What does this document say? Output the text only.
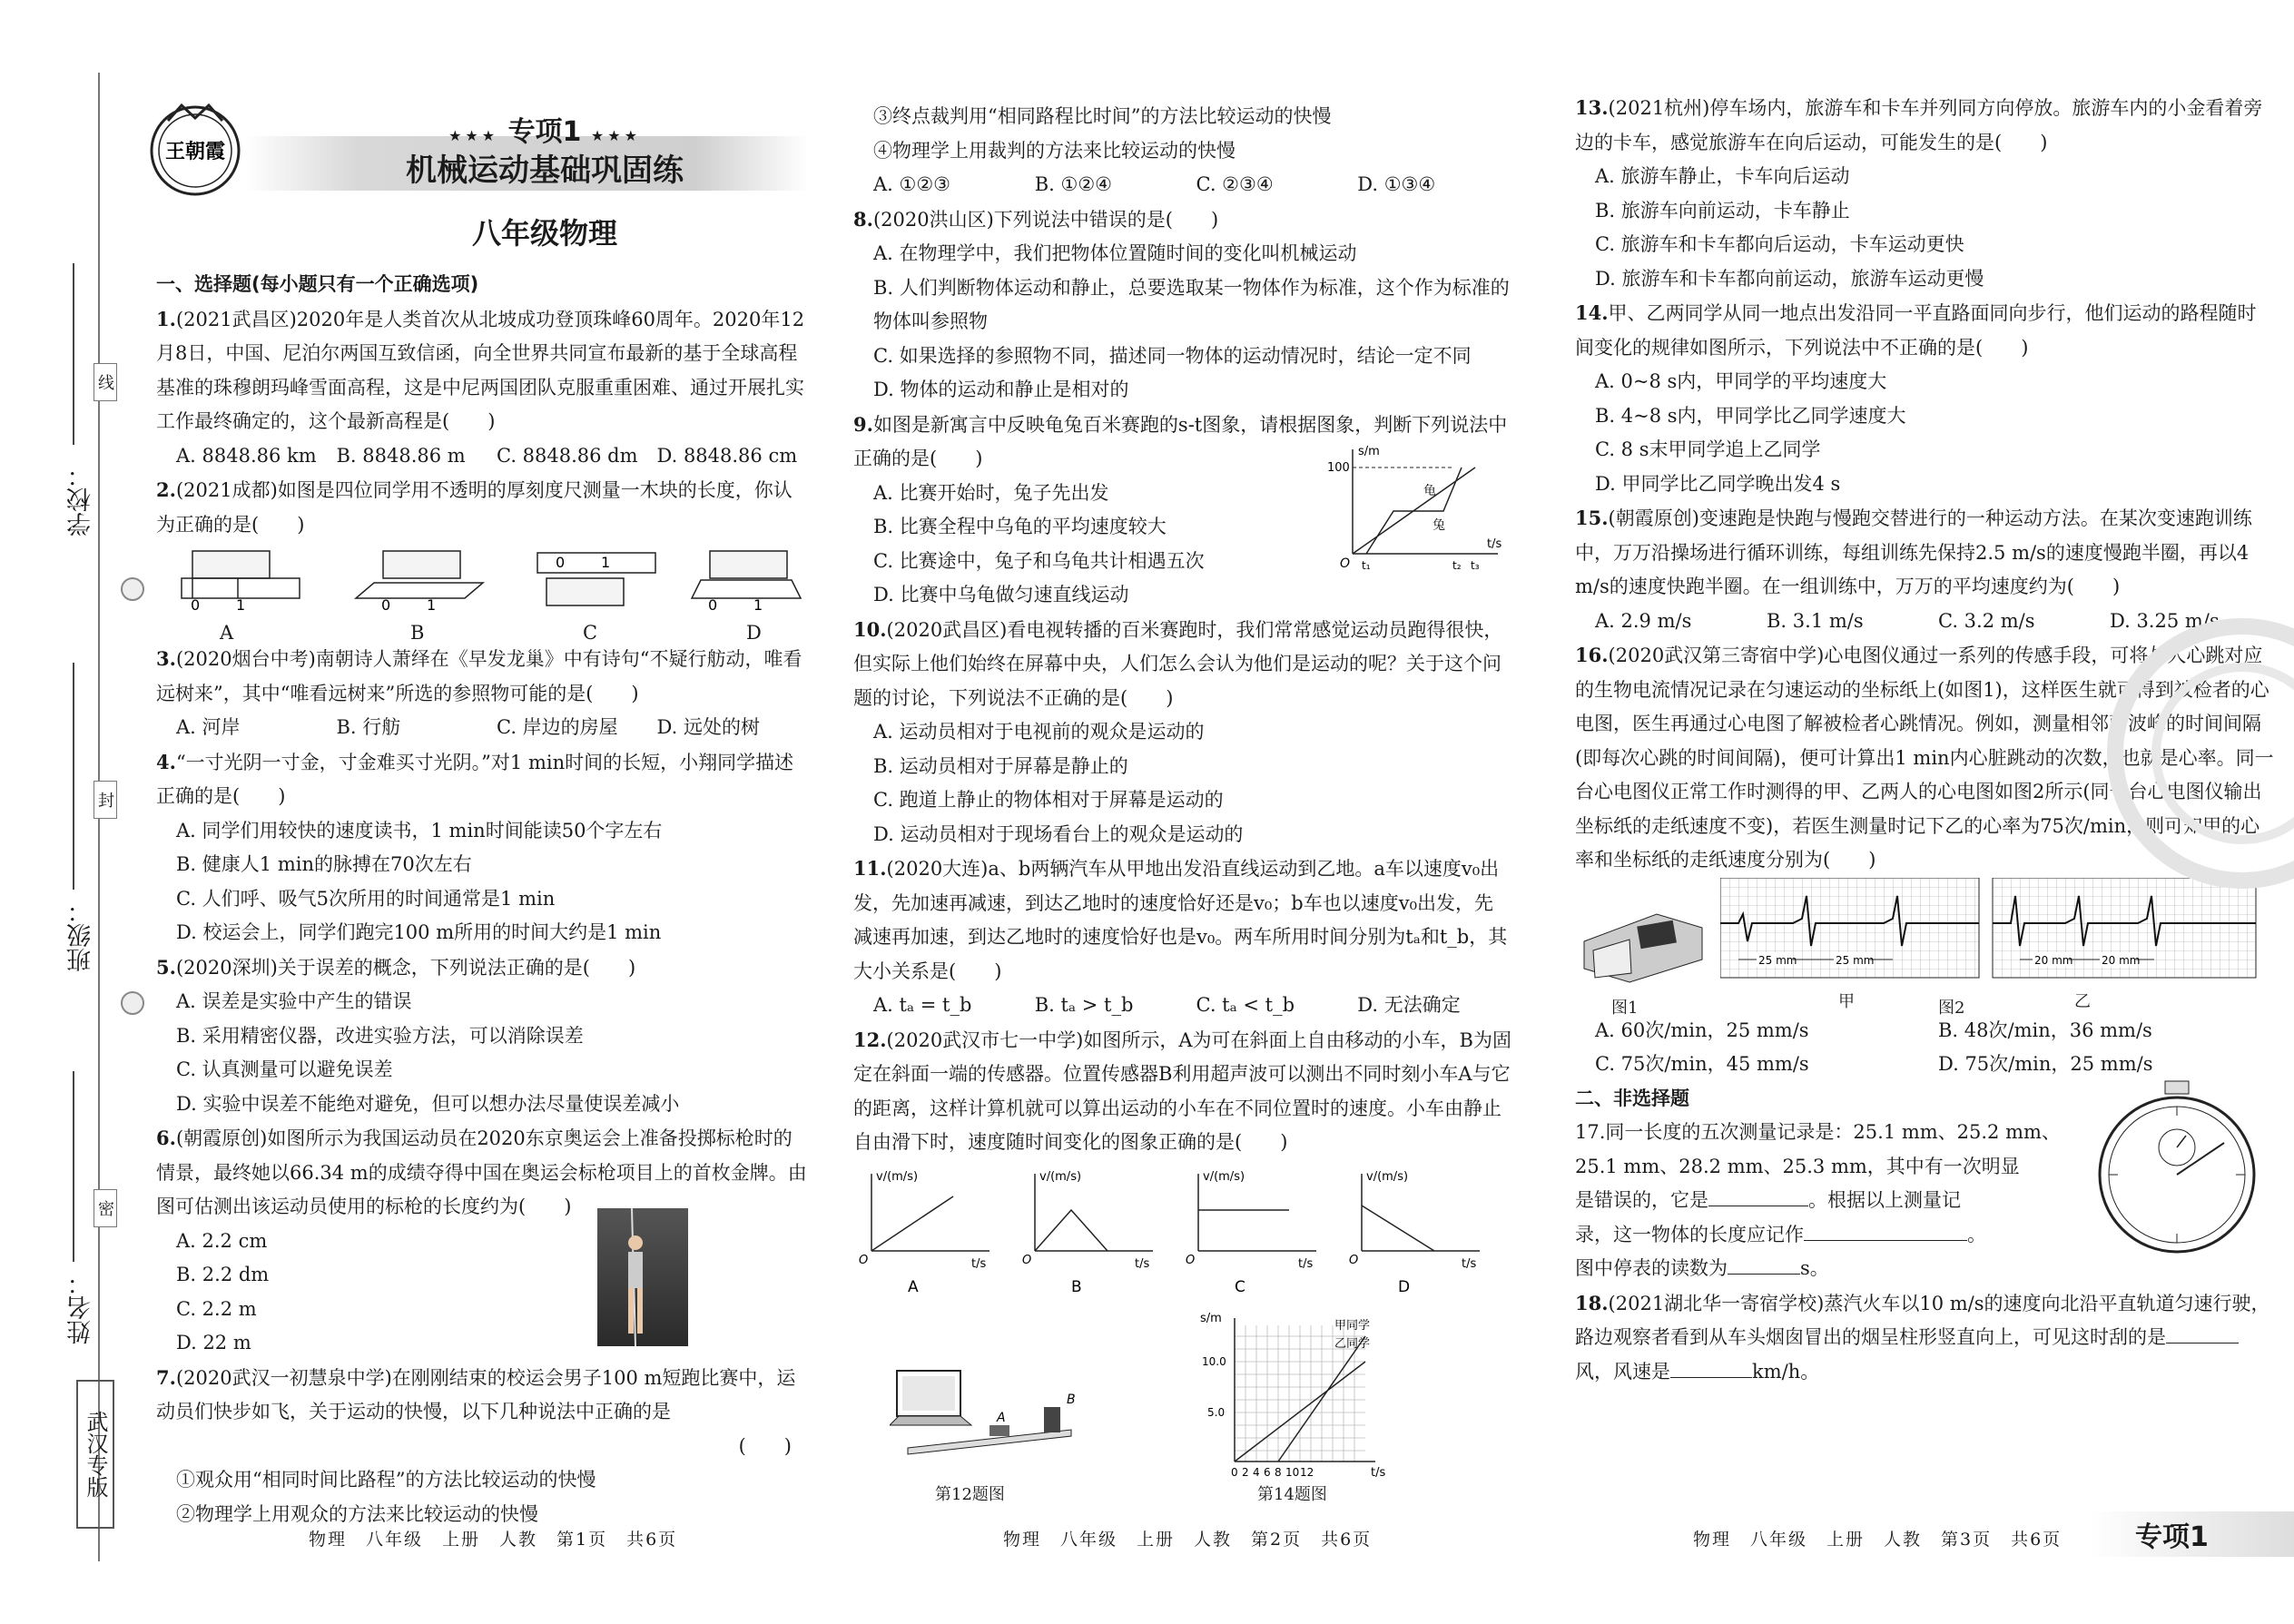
线
封
密
学校：
班级：
姓名：
武汉专版
王朝霞
★★★ 专项1 ★★★
机械运动基础巩固练
八年级物理
一、选择题(每小题只有一个正确选项)

1.(2021武昌区)2020年是人类首次从北坡成功登顶珠峰60周年。2020年12月8日，中国、尼泊尔两国互致信函，向全世界共同宣布最新的基于全球高程基准的珠穆朗玛峰雪面高程，这是中尼两国团队克服重重困难、通过开展扎实工作最终确定的，这个最新高程是(　　)

A. 8848.86 km	B. 8848.86 m	C. 8848.86 dm D. 8848.86 cm

2.(2021成都)如图是四位同学用不透明的厚刻度尺测量一木块的长度，你认为正确的是(　　)

0 1	0 1
0 1
0 1
A	B	C	D

3.(2020烟台中考)南朝诗人萧绎在《早发龙巢》中有诗句“不疑行舫动，唯看远树来”，其中“唯看远树来”所选的参照物可能的是(　　)

A. 河岸	B. 行舫	C. 岸边的房屋	D. 远处的树

4.“一寸光阴一寸金，寸金难买寸光阴。”对1 min时间的长短，小翔同学描述正确的是(　　)

A. 同学们用较快的速度读书，1 min时间能读50个字左右
B. 健康人1 min的脉搏在70次左右
C. 人们呼、吸气5次所用的时间通常是1 min
D. 校运会上，同学们跑完100 m所用的时间大约是1 min

5.(2020深圳)关于误差的概念，下列说法正确的是(　　)

A. 误差是实验中产生的错误
B. 采用精密仪器，改进实验方法，可以消除误差
C. 认真测量可以避免误差
D. 实验中误差不能绝对避免，但可以想办法尽量使误差减小

6.(朝霞原创)如图所示为我国运动员在2020东京奥运会上准备投掷标枪时的情景，最终她以66.34 m的成绩夺得中国在奥运会标枪项目上的首枚金牌。由图可估测出该运动员使用的标枪的长度约为(　　)

A. 2.2 cm
B. 2.2 dm
C. 2.2 m
D. 22 m

7.(2020武汉一初慧泉中学)在刚刚结束的校运会男子100 m短跑比赛中，运动员们快步如飞，关于运动的快慢，以下几种说法中正确的是

(　　)
①观众用“相同时间比路程”的方法比较运动的快慢
②物理学上用观众的方法来比较运动的快慢
③终点裁判用“相同路程比时间”的方法比较运动的快慢
④物理学上用裁判的方法来比较运动的快慢
A. ①②③	B. ①②④	C. ②③④	D. ①③④

8.(2020洪山区)下列说法中错误的是(　　)

A. 在物理学中，我们把物体位置随时间的变化叫机械运动
B. 人们判断物体运动和静止，总要选取某一物体作为标准，这个作为标准的物体叫参照物
C. 如果选择的参照物不同，描述同一物体的运动情况时，结论一定不同
D. 物体的运动和静止是相对的

9.如图是新寓言中反映龟兔百米赛跑的s-t图象，请根据图象，判断下列说法中正确的是(　　)

A. 比赛开始时，兔子先出发
B. 比赛全程中乌龟的平均速度较大
C. 比赛途中，兔子和乌龟共计相遇五次
D. 比赛中乌龟做匀速直线运动
s/m
100
t/s
O t₁	t₂ t₃
龟
兔

10.(2020武昌区)看电视转播的百米赛跑时，我们常常感觉运动员跑得很快，但实际上他们始终在屏幕中央，人们怎么会认为他们是运动的呢？关于这个问题的讨论，下列说法不正确的是(　　)

A. 运动员相对于电视前的观众是运动的
B. 运动员相对于屏幕是静止的
C. 跑道上静止的物体相对于屏幕是运动的
D. 运动员相对于现场看台上的观众是运动的

11.(2020大连)a、b两辆汽车从甲地出发沿直线运动到乙地。a车以速度v₀出发，先加速再减速，到达乙地时的速度恰好还是v₀；b车也以速度v₀出发，先减速再加速，到达乙地时的速度恰好也是v₀。两车所用时间分别为tₐ和t_b，其大小关系是(　　)

A. tₐ = t_b	B. tₐ > t_b	C. tₐ < t_b	D. 无法确定

12.(2020武汉市七一中学)如图所示，A为可在斜面上自由移动的小车，B为固定在斜面一端的传感器。位置传感器B利用超声波可以测出不同时刻小车A与它的距离，这样计算机就可以算出运动的小车在不同位置时的速度。小车由静止自由滑下时，速度随时间变化的图象正确的是(　　)

v/(m/s)	v/(m/s)	v/(m/s)	v/(m/s)
t/s	t/s	t/s	t/s
O	O	O	O
A	B	C	D
A
B
s/m
t/s
甲同学
乙同学
10.0
5.0
0 2 4 6 8 10 12
第12题图	第14题图

13.(2021杭州)停车场内，旅游车和卡车并列同方向停放。旅游车内的小金看着旁边的卡车，感觉旅游车在向后运动，可能发生的是(　　)

A. 旅游车静止，卡车向后运动
B. 旅游车向前运动，卡车静止
C. 旅游车和卡车都向后运动，卡车运动更快
D. 旅游车和卡车都向前运动，旅游车运动更慢

14.甲、乙两同学从同一地点出发沿同一平直路面同向步行，他们运动的路程随时间变化的规律如图所示，下列说法中不正确的是(　　)

A. 0~8 s内，甲同学的平均速度大
B. 4~8 s内，甲同学比乙同学速度大
C. 8 s末甲同学追上乙同学
D. 甲同学比乙同学晚出发4 s

15.(朝霞原创)变速跑是快跑与慢跑交替进行的一种运动方法。在某次变速跑训练中，万万沿操场进行循环训练，每组训练先保持2.5 m/s的速度慢跑半圈，再以4 m/s的速度快跑半圈。在一组训练中，万万的平均速度约为(　　)

A. 2.9 m/s	B. 3.1 m/s	C. 3.2 m/s	D. 3.25 m/s

16.(2020武汉第三寄宿中学)心电图仪通过一系列的传感手段，可将与人心跳对应的生物电流情况记录在匀速运动的坐标纸上(如图1)，这样医生就可得到被检者的心电图，医生再通过心电图了解被检者心跳情况。例如，测量相邻两波峰的时间间隔(即每次心跳的时间间隔)，便可计算出1 min内心脏跳动的次数，也就是心率。同一台心电图仪正常工作时测得的甲、乙两人的心电图如图2所示(同一台心电图仪输出坐标纸的走纸速度不变)，若医生测量时记下乙的心率为75次/min，则可知甲的心率和坐标纸的走纸速度分别为(　　)

25 mm	25 mm	20 mm	20 mm
图1	甲	图2	乙
A. 60次/min，25 mm/s	B. 48次/min，36 mm/s
C. 75次/min，45 mm/s	D. 75次/min，25 mm/s
二、非选择题
17.同一长度的五次测量记录是：25.1 mm、25.2 mm、
25.1 mm、28.2 mm、25.3 mm，其中有一次明显
是错误的，它是	。根据以上测量记
录，这一物体的长度应记作	。
图中停表的读数为	s。

18.(2021湖北华一寄宿学校)蒸汽火车以10 m/s的速度向北沿平直轨道匀速行驶，路边观察者看到从车头烟囱冒出的烟呈柱形竖直向上，可见这时刮的是风，风速是	km/h。

物理　八年级　上册　人教　第1页　共6页	物理　八年级　上册　人教　第2页　共6页	物理　八年级　上册　人教　第3页　共6页	专项1
